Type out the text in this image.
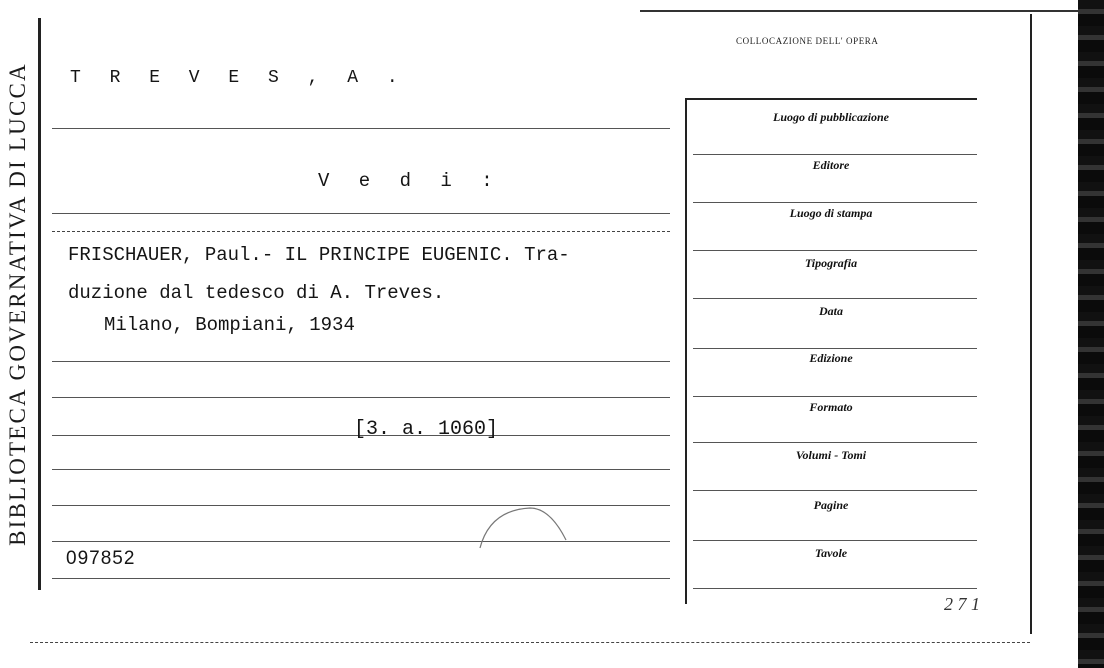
BIBLIOTECA GOVERNATIVA DI LUCCA T R E V E S , A .
V e d i :
FRISCHAUER, Paul.- IL PRINCIPE EUGENIC. Tra-
duzione dal tedesco di A. Treves.
Milano, Bompiani, 1934
[3. a. 1060]
097852
COLLOCAZIONE DELL' OPERA
Luogo di pubblicazione
Editore
Luogo di stampa
Tipografia
Data
Edizione
Formato
Volumi - Tomi
Pagine
Tavole
2 7 1
